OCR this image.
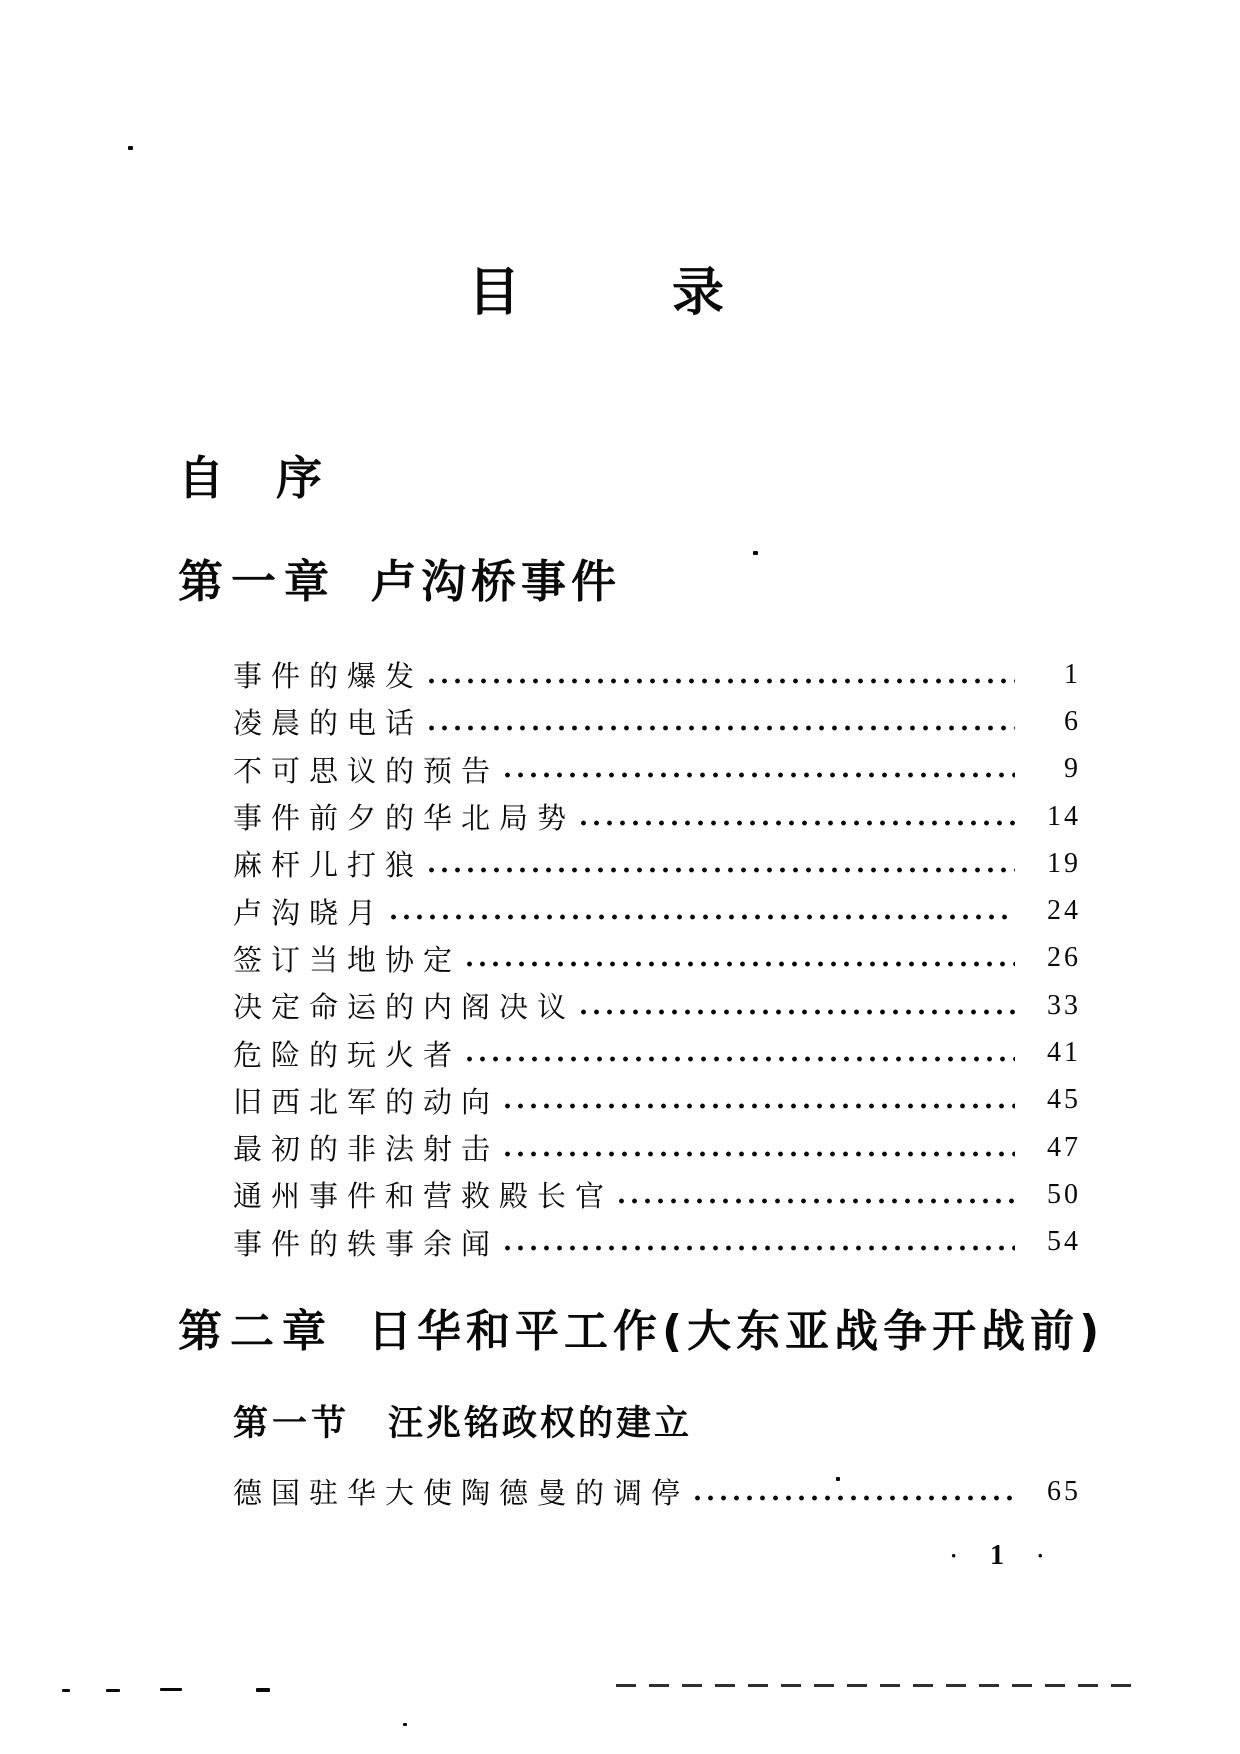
目	录
自 序
第一章 卢沟桥事件
事件的爆发	1
凌晨的电话	6
不可思议的预告	9
事件前夕的华北局势	14
麻杆儿打狼	19
卢沟晓月	24
签订当地协定	26
决定命运的内阁决议	33
危险的玩火者	41
旧西北军的动向	45
最初的非法射击	47
通州事件和营救殿长官	50
事件的轶事余闻	54
第二章 日华和平工作(大东亚战争开战前)
第一节 汪兆铭政权的建立
德国驻华大使陶德曼的调停	65
· 1 ·
